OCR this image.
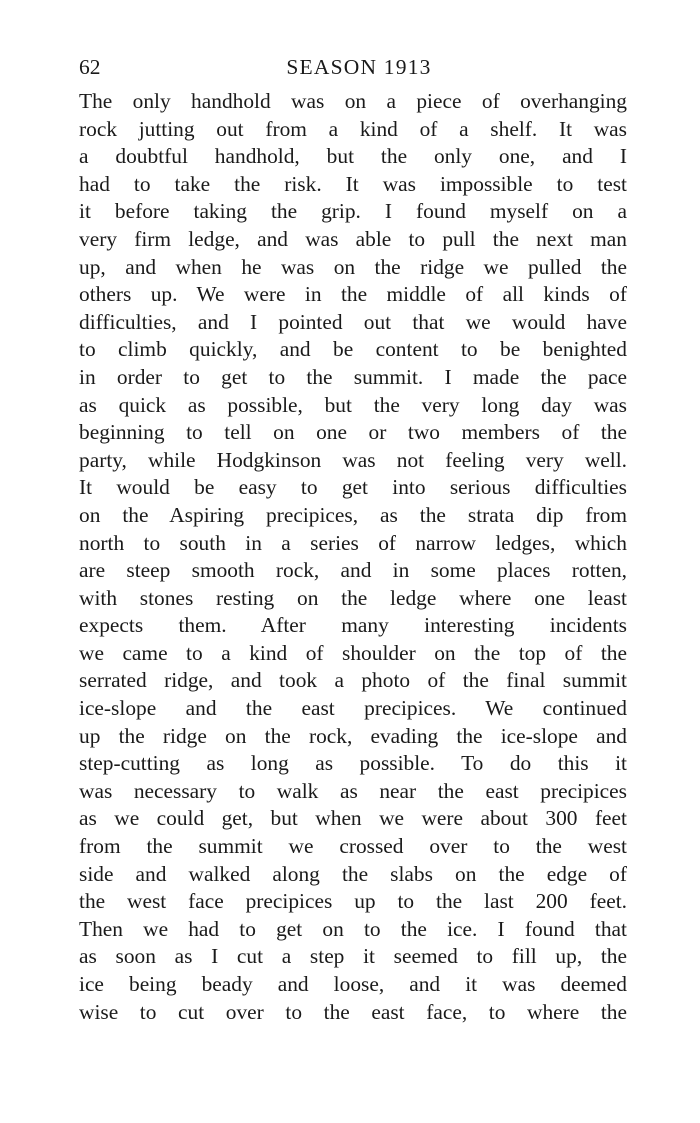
62	SEASON 1913
The only handhold was on a piece of overhanging
rock jutting out from a kind of a shelf. It was
a doubtful handhold, but the only one, and I
had to take the risk. It was impossible to test
it before taking the grip. I found myself on a
very firm ledge, and was able to pull the next man
up, and when he was on the ridge we pulled the
others up. We were in the middle of all kinds of
difficulties, and I pointed out that we would have
to climb quickly, and be content to be benighted
in order to get to the summit. I made the pace
as quick as possible, but the very long day was
beginning to tell on one or two members of the
party, while Hodgkinson was not feeling very well.
It would be easy to get into serious difficulties
on the Aspiring precipices, as the strata dip from
north to south in a series of narrow ledges, which
are steep smooth rock, and in some places rotten,
with stones resting on the ledge where one least
expects them. After many interesting incidents
we came to a kind of shoulder on the top of the
serrated ridge, and took a photo of the final summit
ice-slope and the east precipices. We continued
up the ridge on the rock, evading the ice-slope and
step-cutting as long as possible. To do this it
was necessary to walk as near the east precipices
as we could get, but when we were about 300 feet
from the summit we crossed over to the west
side and walked along the slabs on the edge of
the west face precipices up to the last 200 feet.
Then we had to get on to the ice. I found that
as soon as I cut a step it seemed to fill up, the
ice being beady and loose, and it was deemed
wise to cut over to the east face, to where the
